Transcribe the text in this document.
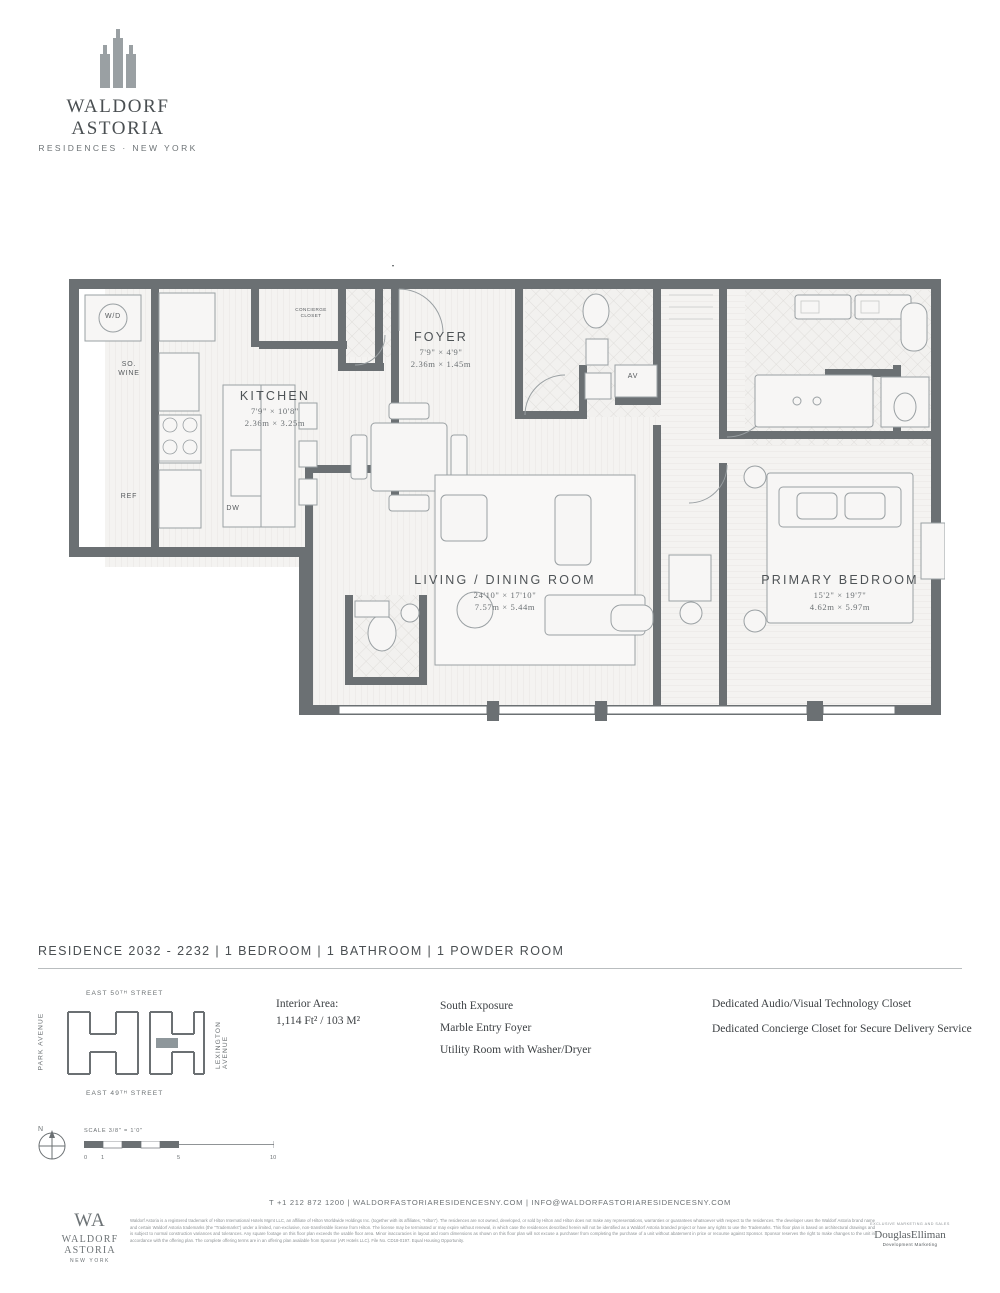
WALDORF ASTORIA
RESIDENCES · NEW YORK
FOYER
7'9" × 4'9"
2.36m × 1.45m
KITCHEN
7'9" × 10'8"
2.36m × 3.25m
LIVING / DINING ROOM
24'10" × 17'10"
7.57m × 5.44m
PRIMARY BEDROOM
15'2" × 19'7"
4.62m × 5.97m
W/D
SO.
WINE
REF
DW
AV
CONCIERGE
CLOSET
RESIDENCE 2032 - 2232 | 1 BEDROOM | 1 BATHROOM | 1 POWDER ROOM
EAST 50ᵀᴴ STREET
EAST 49ᵀᴴ STREET
PARK AVENUE	LEXINGTON AVENUE
Interior Area:
1,114 Ft² / 103 M²
South Exposure
Marble Entry Foyer
Utility Room with Washer/Dryer

Dedicated Audio/Visual Technology Closet

Dedicated Concierge Closet for Secure Delivery Service

N	SCALE 3/8" = 1'0"
0 1	5	10
T +1 212 872 1200 | WALDORFASTORIARESIDENCESNY.COM | INFO@WALDORFASTORIARESIDENCESNY.COM
WA
WALDORF ASTORIA
NEW YORK
Waldorf Astoria is a registered trademark of Hilton International Hotels Mgmt LLC, an affiliate of Hilton Worldwide Holdings Inc. (together with its affiliates, “Hilton”). The residences are not owned, developed, or sold by Hilton and Hilton does not make any representations, warranties or guarantees whatsoever with respect to the residences. The developer uses the Waldorf Astoria brand name and certain Waldorf Astoria trademarks (the “Trademarks”) under a limited, non-exclusive, non-transferable license from Hilton. The license may be terminated or may expire without renewal, in which case the residences described herein will not be identified as a Waldorf Astoria branded project or have any rights to use the Trademarks. This floor plan is based on architectural drawings and is subject to normal construction variances and tolerances. Any square footage on this floor plan exceeds the usable floor area. Minor inaccuracies in layout and room dimensions as shown on this floor plan will not excuse a purchaser from completing the purchase of a unit without abatement in price or recourse against Sponsor. Sponsor reserves the right to make changes to the unit in accordance with the offering plan. The complete offering terms are in an offering plan available from Sponsor (AR Hotels LLC). File No. CD18-0197. Equal Housing Opportunity.
EXCLUSIVE MARKETING AND SALES
DouglasElliman
Development Marketing
